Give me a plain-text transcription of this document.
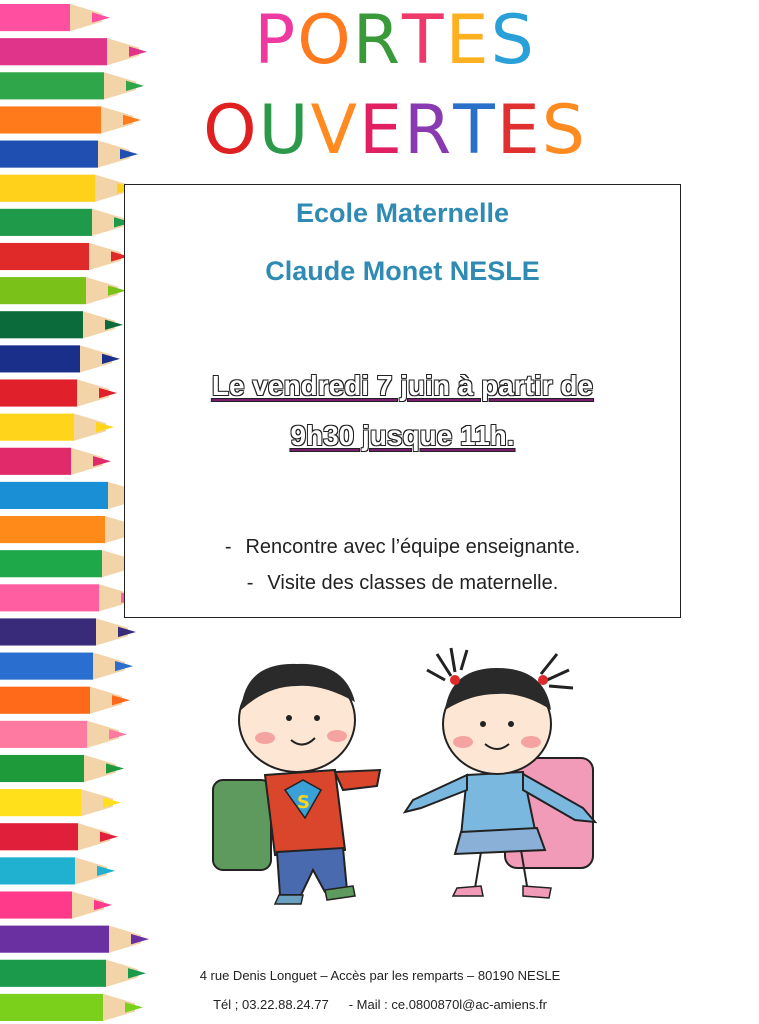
PORTES
OUVERTES
Ecole Maternelle
Claude Monet NESLE
Le vendredi 7 juin à partir de
9h30 jusque 11h.
- Rencontre avec l’équipe enseignante.
- Visite des classes de maternelle.
S
4 rue Denis Longuet – Accès par les remparts – 80190 NESLE
Tél ; 03.22.88.24.77 - Mail : ce.0800870l@ac-amiens.fr
